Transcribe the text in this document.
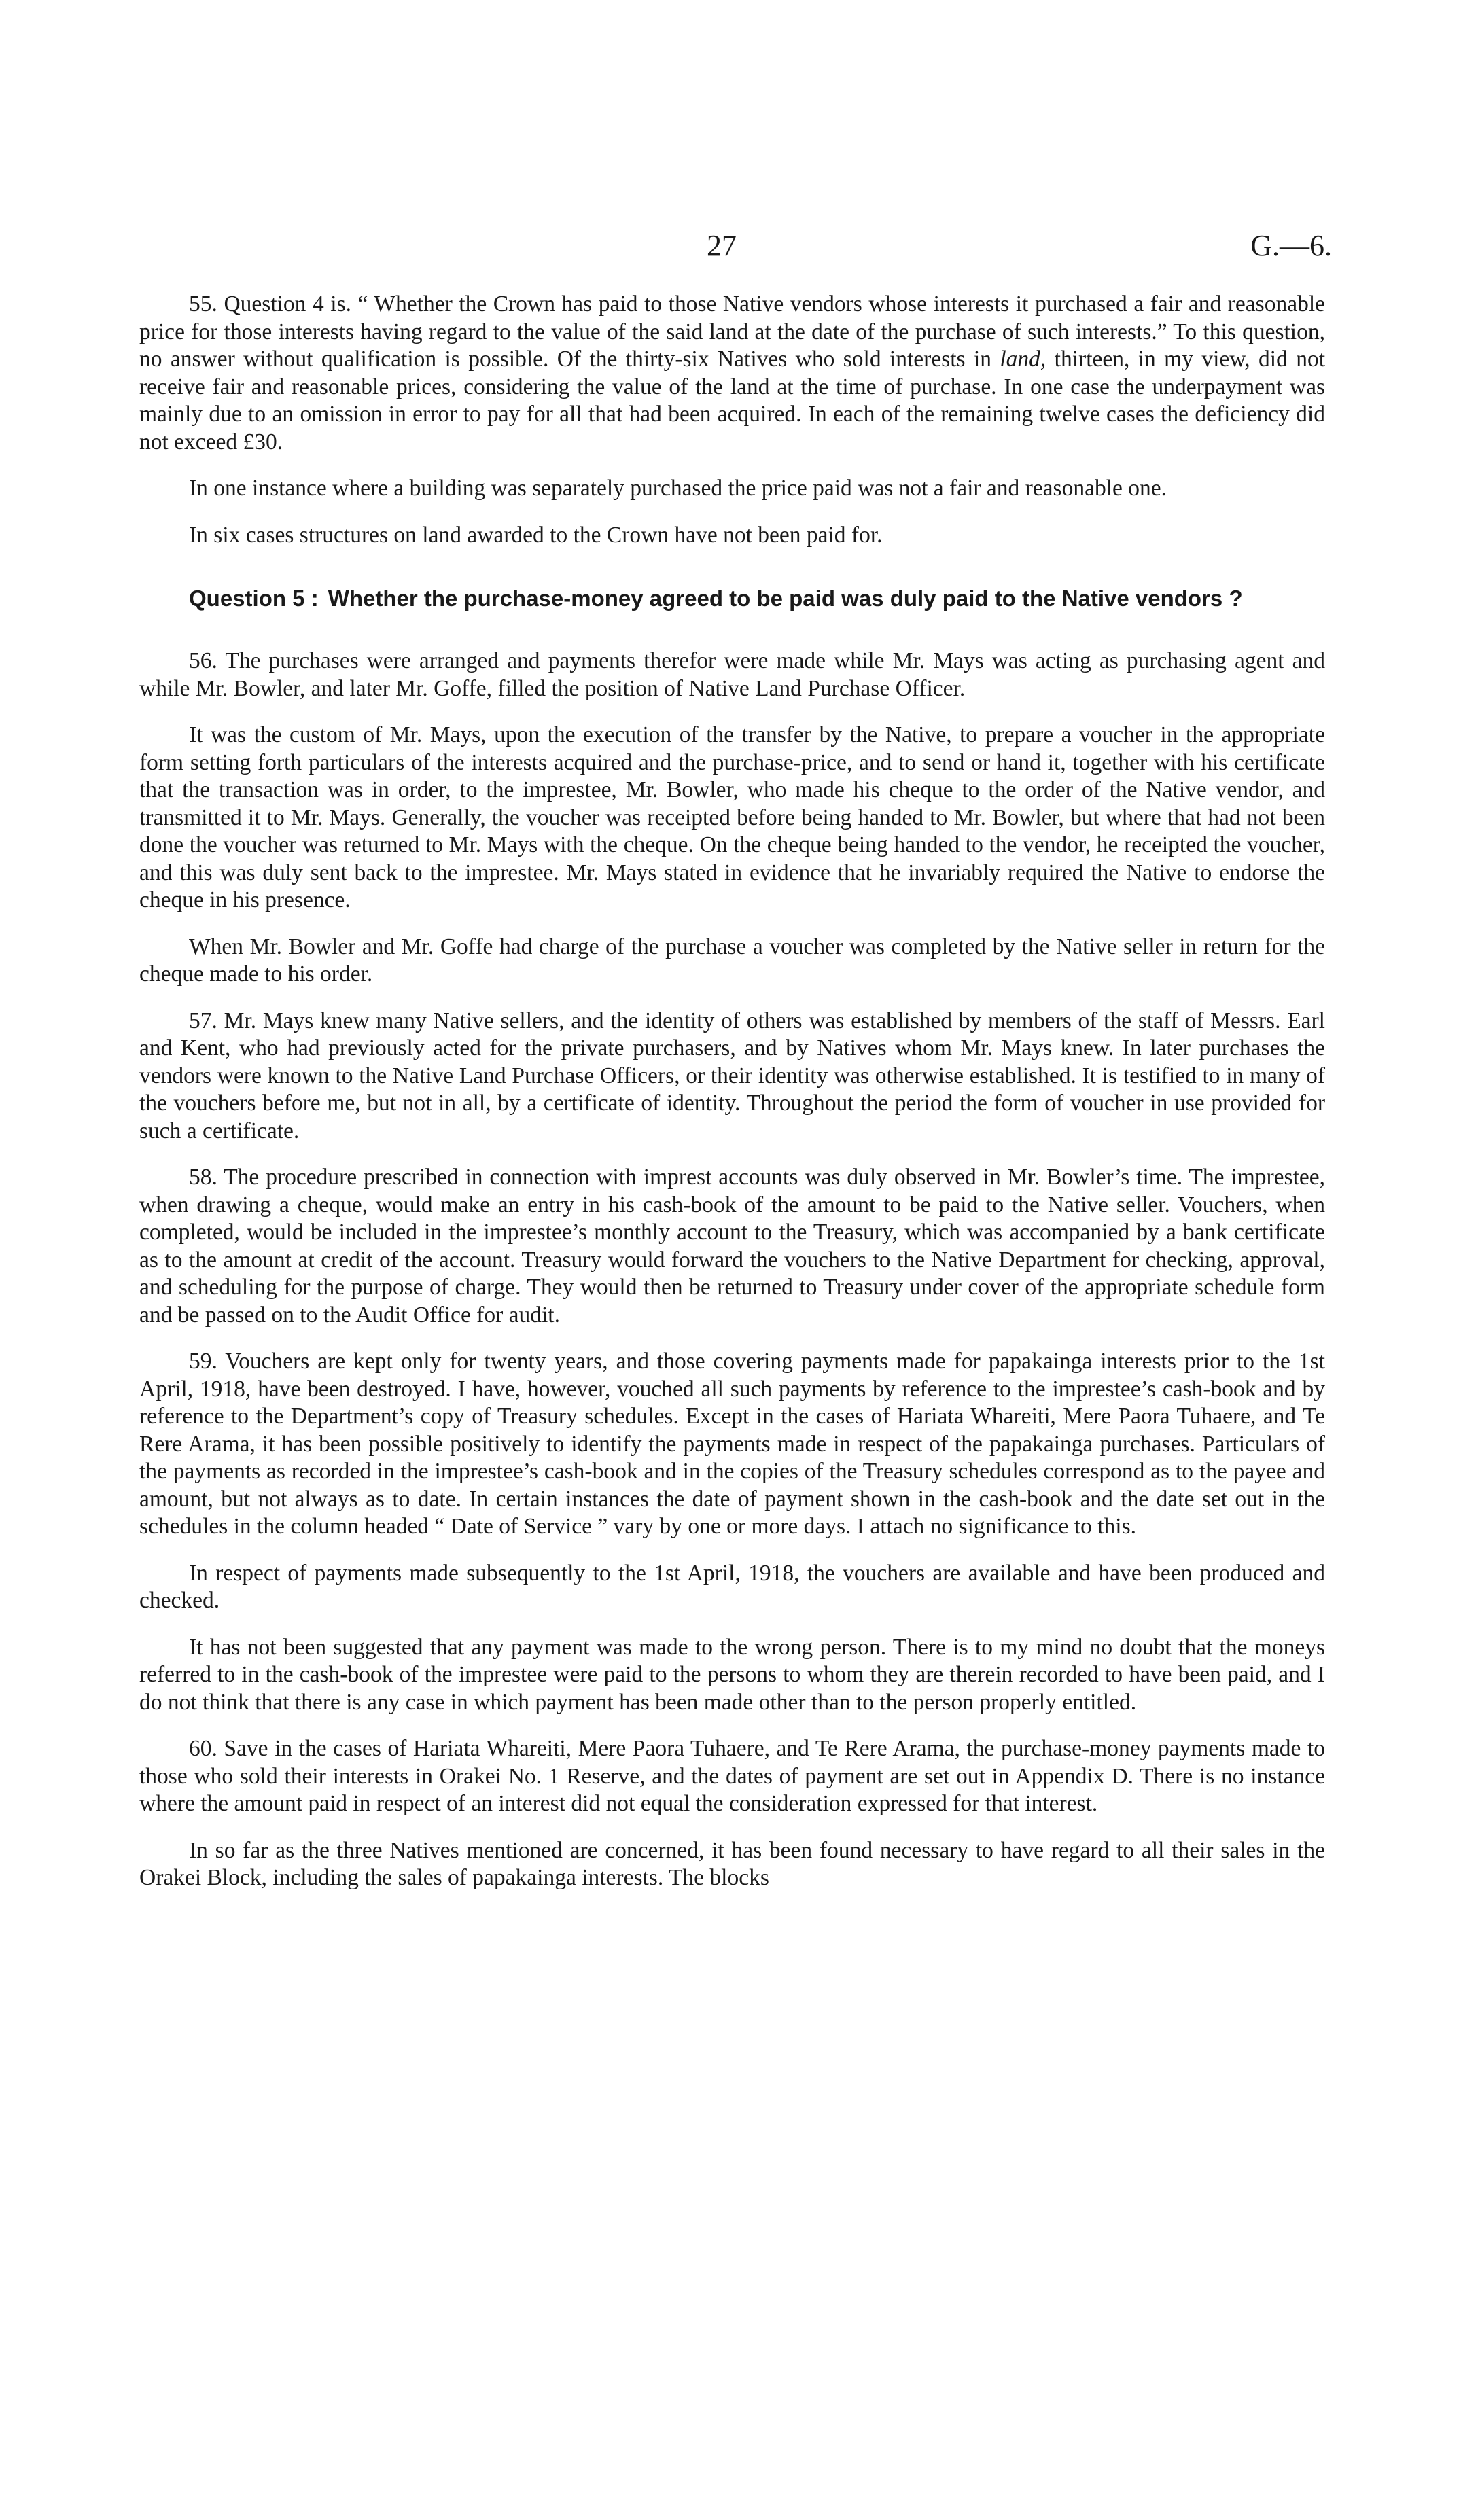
27	G.—6.

55. Question 4 is. “ Whether the Crown has paid to those Native vendors whose interests it purchased a fair and reasonable price for those interests having regard to the value of the said land at the date of the purchase of such interests.” To this question, no answer without qualification is possible. Of the thirty-six Natives who sold interests in land, thirteen, in my view, did not receive fair and reasonable prices, considering the value of the land at the time of purchase. In one case the underpayment was mainly due to an omission in error to pay for all that had been acquired. In each of the remaining twelve cases the deficiency did not exceed £30.

In one instance where a building was separately purchased the price paid was not a fair and reasonable one.

In six cases structures on land awarded to the Crown have not been paid for.

Question 5 : Whether the purchase-money agreed to be paid was duly paid to the Native vendors ?

56. The purchases were arranged and payments therefor were made while Mr. Mays was acting as purchasing agent and while Mr. Bowler, and later Mr. Goffe, filled the position of Native Land Purchase Officer.

It was the custom of Mr. Mays, upon the execution of the transfer by the Native, to prepare a voucher in the appropriate form setting forth particulars of the interests acquired and the purchase-price, and to send or hand it, together with his certificate that the transaction was in order, to the imprestee, Mr. Bowler, who made his cheque to the order of the Native vendor, and transmitted it to Mr. Mays. Generally, the voucher was receipted before being handed to Mr. Bowler, but where that had not been done the voucher was returned to Mr. Mays with the cheque. On the cheque being handed to the vendor, he receipted the voucher, and this was duly sent back to the imprestee. Mr. Mays stated in evidence that he invariably required the Native to endorse the cheque in his presence.

When Mr. Bowler and Mr. Goffe had charge of the purchase a voucher was completed by the Native seller in return for the cheque made to his order.

57. Mr. Mays knew many Native sellers, and the identity of others was established by members of the staff of Messrs. Earl and Kent, who had previously acted for the private purchasers, and by Natives whom Mr. Mays knew. In later purchases the vendors were known to the Native Land Purchase Officers, or their identity was otherwise established. It is testified to in many of the vouchers before me, but not in all, by a certificate of identity. Throughout the period the form of voucher in use provided for such a certificate.

58. The procedure prescribed in connection with imprest accounts was duly observed in Mr. Bowler’s time. The imprestee, when drawing a cheque, would make an entry in his cash-book of the amount to be paid to the Native seller. Vouchers, when completed, would be included in the imprestee’s monthly account to the Treasury, which was accompanied by a bank certificate as to the amount at credit of the account. Treasury would forward the vouchers to the Native Department for checking, approval, and scheduling for the purpose of charge. They would then be returned to Treasury under cover of the appropriate schedule form and be passed on to the Audit Office for audit.

59. Vouchers are kept only for twenty years, and those covering payments made for papakainga interests prior to the 1st April, 1918, have been destroyed. I have, however, vouched all such payments by reference to the imprestee’s cash-book and by reference to the Department’s copy of Treasury schedules. Except in the cases of Hariata Whareiti, Mere Paora Tuhaere, and Te Rere Arama, it has been possible positively to identify the payments made in respect of the papakainga purchases. Particulars of the payments as recorded in the imprestee’s cash-book and in the copies of the Treasury schedules correspond as to the payee and amount, but not always as to date. In certain instances the date of payment shown in the cash-book and the date set out in the schedules in the column headed “ Date of Service ” vary by one or more days. I attach no significance to this.

In respect of payments made subsequently to the 1st April, 1918, the vouchers are available and have been produced and checked.

It has not been suggested that any payment was made to the wrong person. There is to my mind no doubt that the moneys referred to in the cash-book of the imprestee were paid to the persons to whom they are therein recorded to have been paid, and I do not think that there is any case in which payment has been made other than to the person properly entitled.

60. Save in the cases of Hariata Whareiti, Mere Paora Tuhaere, and Te Rere Arama, the purchase-money payments made to those who sold their interests in Orakei No. 1 Reserve, and the dates of payment are set out in Appendix D. There is no instance where the amount paid in respect of an interest did not equal the consideration expressed for that interest.

In so far as the three Natives mentioned are concerned, it has been found necessary to have regard to all their sales in the Orakei Block, including the sales of papakainga interests. The blocks
